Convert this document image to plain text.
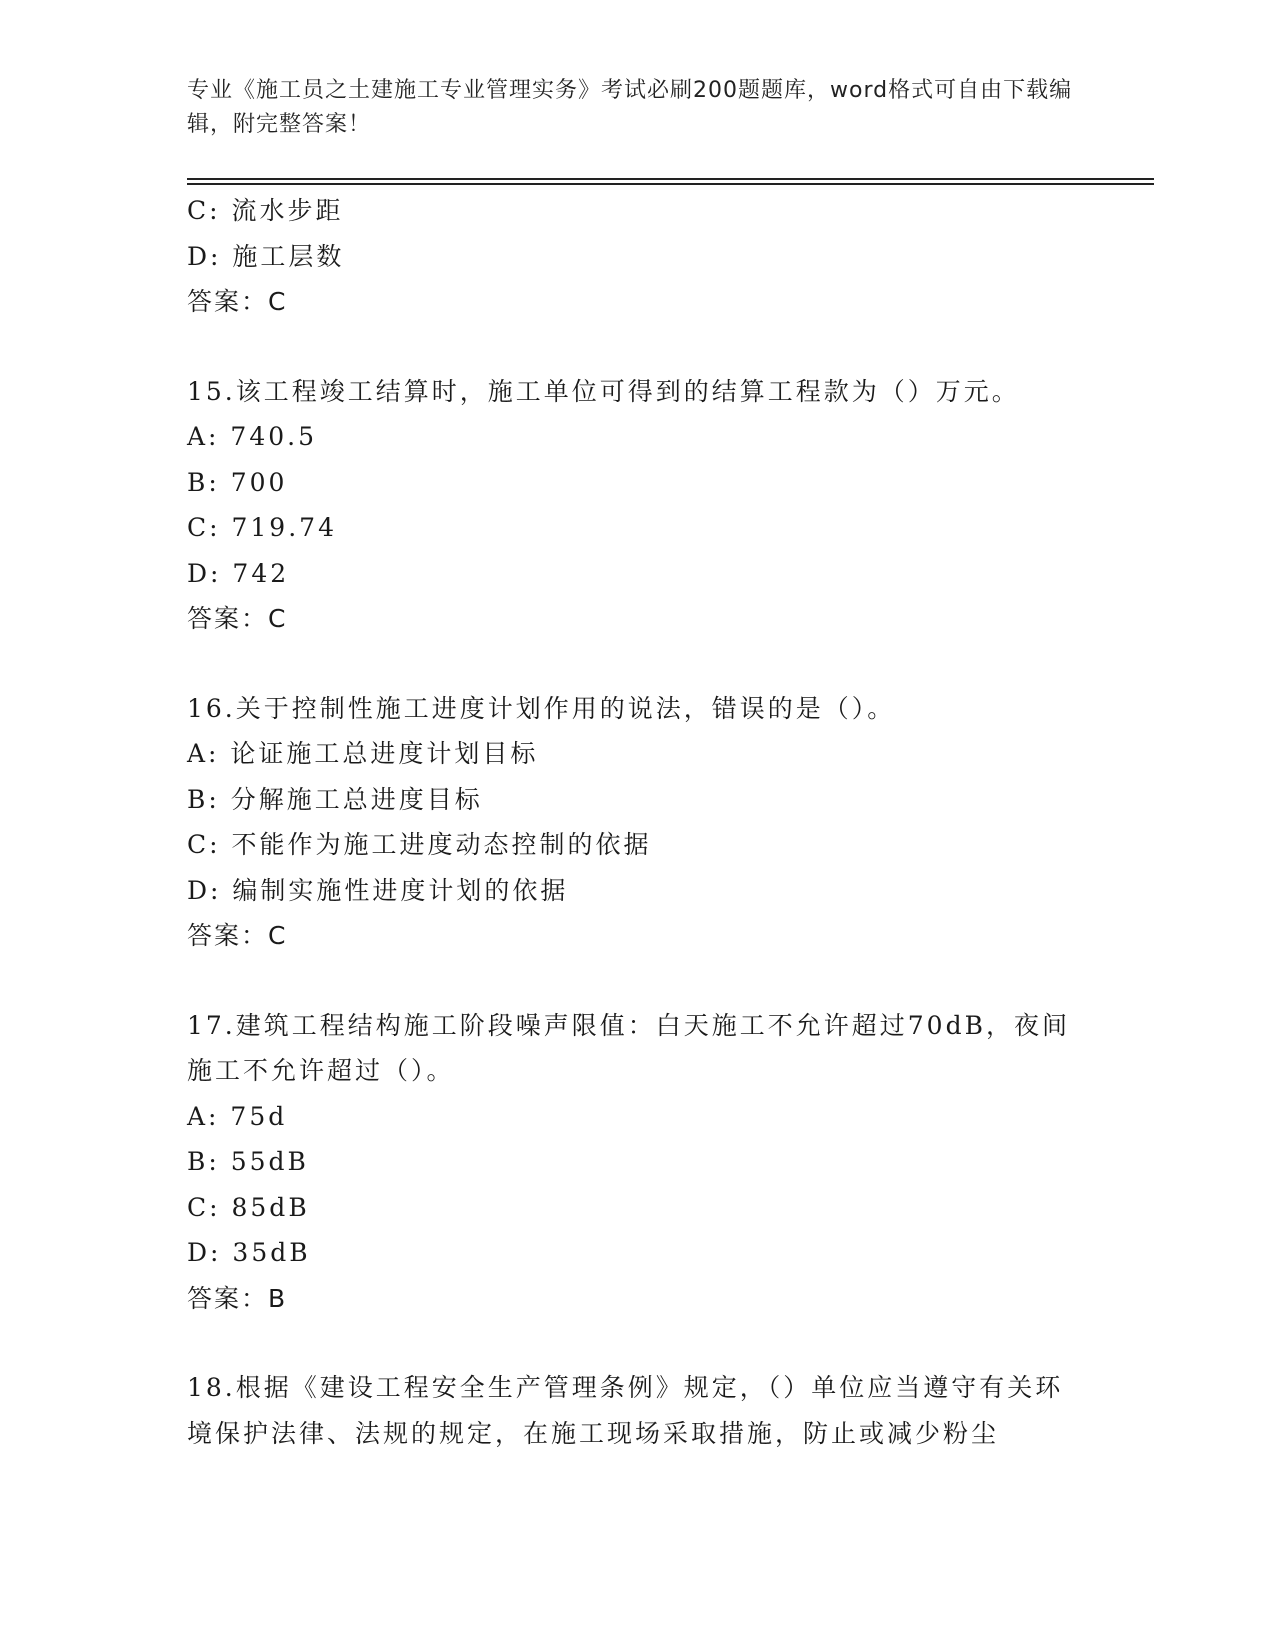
专业《施工员之土建施工专业管理实务》考试必刷200题题库，word格式可自由下载编辑，附完整答案！
C: 流水步距
D: 施工层数
答案：C
15.该工程竣工结算时，施工单位可得到的结算工程款为（）万元。
A: 740.5
B: 700
C: 719.74
D: 742
答案：C
16.关于控制性施工进度计划作用的说法，错误的是（）。
A: 论证施工总进度计划目标
B: 分解施工总进度目标
C: 不能作为施工进度动态控制的依据
D: 编制实施性进度计划的依据
答案：C
17.建筑工程结构施工阶段噪声限值：白天施工不允许超过70dB，夜间施工不允许超过（）。
A: 75d
B: 55dB
C: 85dB
D: 35dB
答案：B
18.根据《建设工程安全生产管理条例》规定，（）单位应当遵守有关环境保护法律、法规的规定，在施工现场采取措施，防止或减少粉尘
